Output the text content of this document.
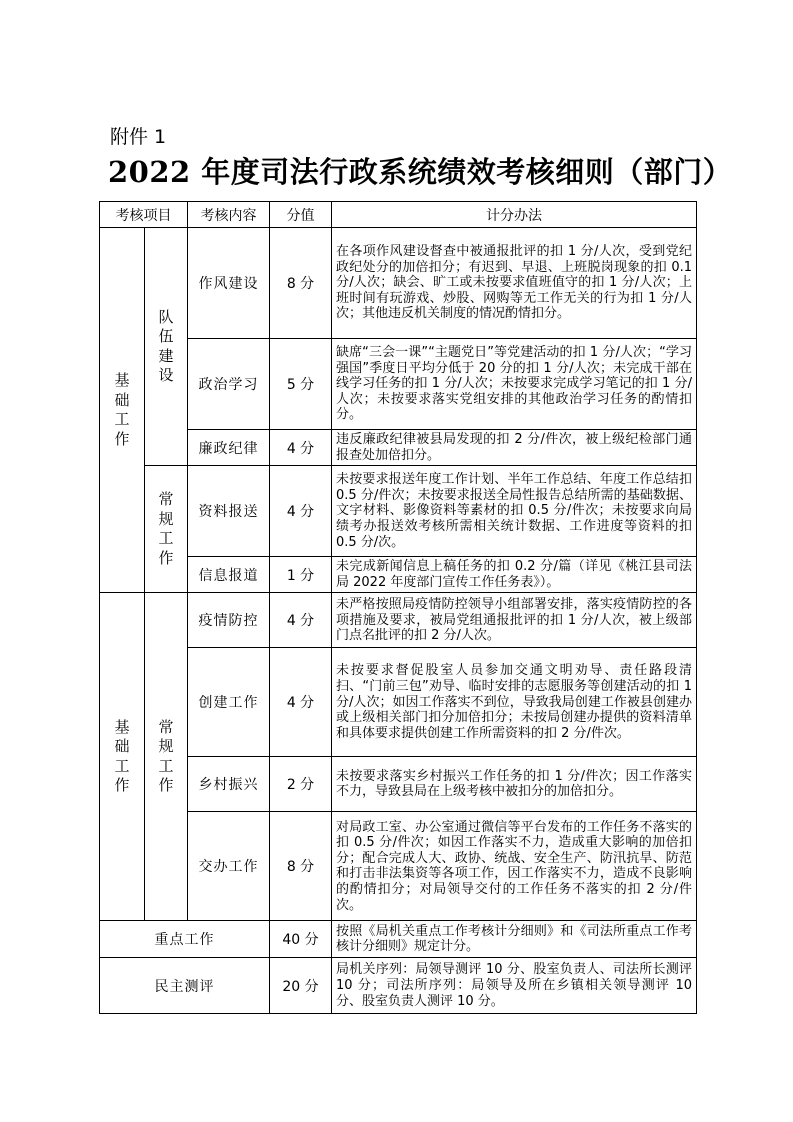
附件 1
2022 年度司法行政系统绩效考核细则（部门）
考核项目		考核内容	分值	计分办法
基础工作	队伍建设	作风建设	8 分	在各项作风建设督查中被通报批评的扣 1 分/人次，受到党纪政纪处分的加倍扣分；有迟到、早退、上班脱岗现象的扣 0.1 分/人次；缺会、旷工或未按要求值班值守的扣 1 分/人次；上班时间有玩游戏、炒股、网购等无工作无关的行为扣 1 分/人次；其他违反机关制度的情况酌情扣分。
		政治学习	5 分	缺席“三会一课”“主题党日”等党建活动的扣 1 分/人次；“学习强国”季度日平均分低于 20 分的扣 1 分/人次；未完成干部在线学习任务的扣 1 分/人次；未按要求完成学习笔记的扣 1 分/人次；未按要求落实党组安排的其他政治学习任务的酌情扣分。
		廉政纪律	4 分	违反廉政纪律被县局发现的扣 2 分/件次，被上级纪检部门通报查处加倍扣分。
	常规工作	资料报送	4 分	未按要求报送年度工作计划、半年工作总结、年度工作总结扣 0.5 分/件次；未按要求报送全局性报告总结所需的基础数据、文字材料、影像资料等素材的扣 0.5 分/件次；未按要求向局绩考办报送效考核所需相关统计数据、工作进度等资料的扣 0.5 分/次。
		信息报道	1 分	未完成新闻信息上稿任务的扣 0.2 分/篇（详见《桃江县司法局 2022 年度部门宣传工作任务表》）。
基础工作	常规工作	疫情防控	4 分	未严格按照局疫情防控领导小组部署安排，落实疫情防控的各项措施及要求，被局党组通报批评的扣 1 分/人次，被上级部门点名批评的扣 2 分/人次。
		创建工作	4 分	未按要求督促股室人员参加交通文明劝导、责任路段清扫、“门前三包”劝导、临时安排的志愿服务等创建活动的扣 1 分/人次；如因工作落实不到位，导致我局创建工作被县创建办或上级相关部门扣分加倍扣分；未按局创建办提供的资料清单和具体要求提供创建工作所需资料的扣 2 分/件次。
		乡村振兴	2 分	未按要求落实乡村振兴工作任务的扣 1 分/件次；因工作落实不力，导致县局在上级考核中被扣分的加倍扣分。
		交办工作	8 分	对局政工室、办公室通过微信等平台发布的工作任务不落实的扣 0.5 分/件次；如因工作落实不力，造成重大影响的加倍扣分；配合完成人大、政协、统战、安全生产、防汛抗旱、防范和打击非法集资等各项工作，因工作落实不力，造成不良影响的酌情扣分；对局领导交付的工作任务不落实的扣 2 分/件次。
重点工作			40 分	按照《局机关重点工作考核计分细则》和《司法所重点工作考核计分细则》规定计分。
民主测评			20 分	局机关序列：局领导测评 10 分、股室负责人、司法所长测评 10 分；司法所序列：局领导及所在乡镇相关领导测评 10 分、股室负责人测评 10 分。
